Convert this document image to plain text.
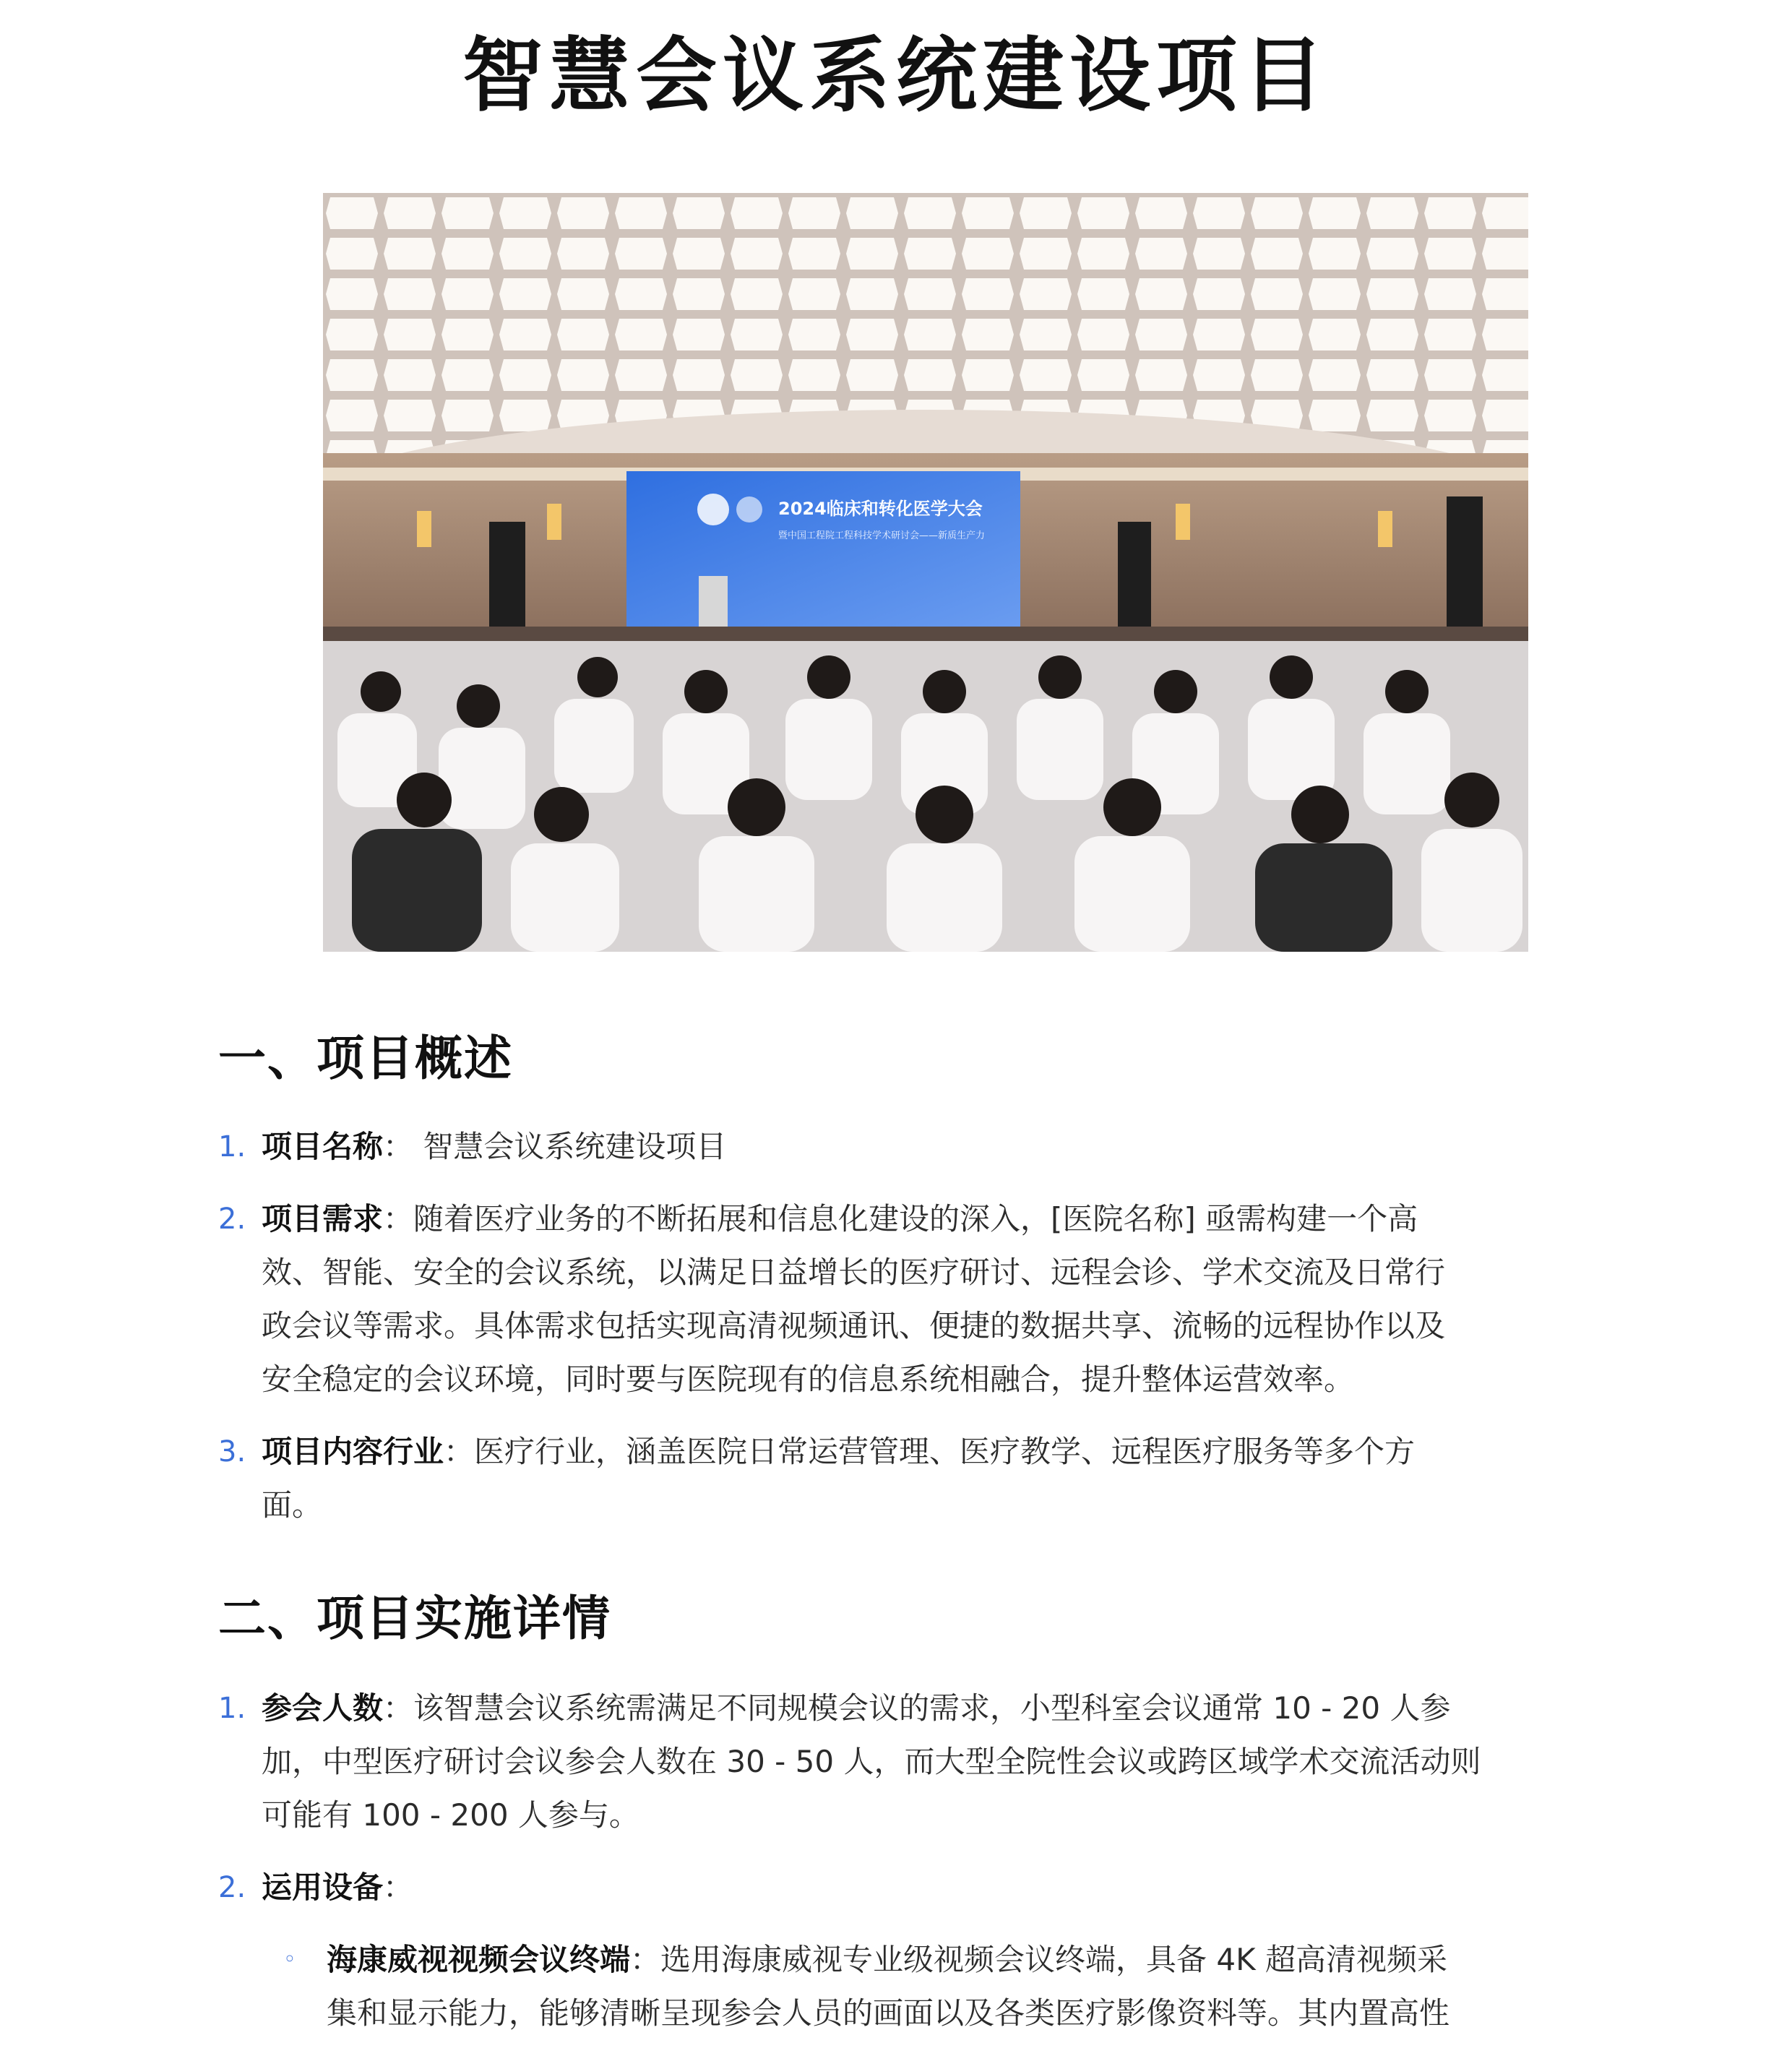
智慧会议系统建设项目
2024临床和转化医学大会
暨中国工程院工程科技学术研讨会——新质生产力
一、项目概述
1. 项目名称： 智慧会议系统建设项目
2. 项目需求：随着医疗业务的不断拓展和信息化建设的深入，[医院名称] 亟需构建一个高
效、智能、安全的会议系统，以满足日益增长的医疗研讨、远程会诊、学术交流及日常行
政会议等需求。具体需求包括实现高清视频通讯、便捷的数据共享、流畅的远程协作以及
安全稳定的会议环境，同时要与医院现有的信息系统相融合，提升整体运营效率。
3. 项目内容行业：医疗行业，涵盖医院日常运营管理、医疗教学、远程医疗服务等多个方
面。
二、项目实施详情
1. 参会人数：该智慧会议系统需满足不同规模会议的需求，小型科室会议通常 10 - 20 人参
加，中型医疗研讨会议参会人数在 30 - 50 人，而大型全院性会议或跨区域学术交流活动则
可能有 100 - 200 人参与。
2. 运用设备：
◦ 海康威视视频会议终端：选用海康威视专业级视频会议终端，具备 4K 超高清视频采
集和显示能力，能够清晰呈现参会人员的画面以及各类医疗影像资料等。其内置高性
